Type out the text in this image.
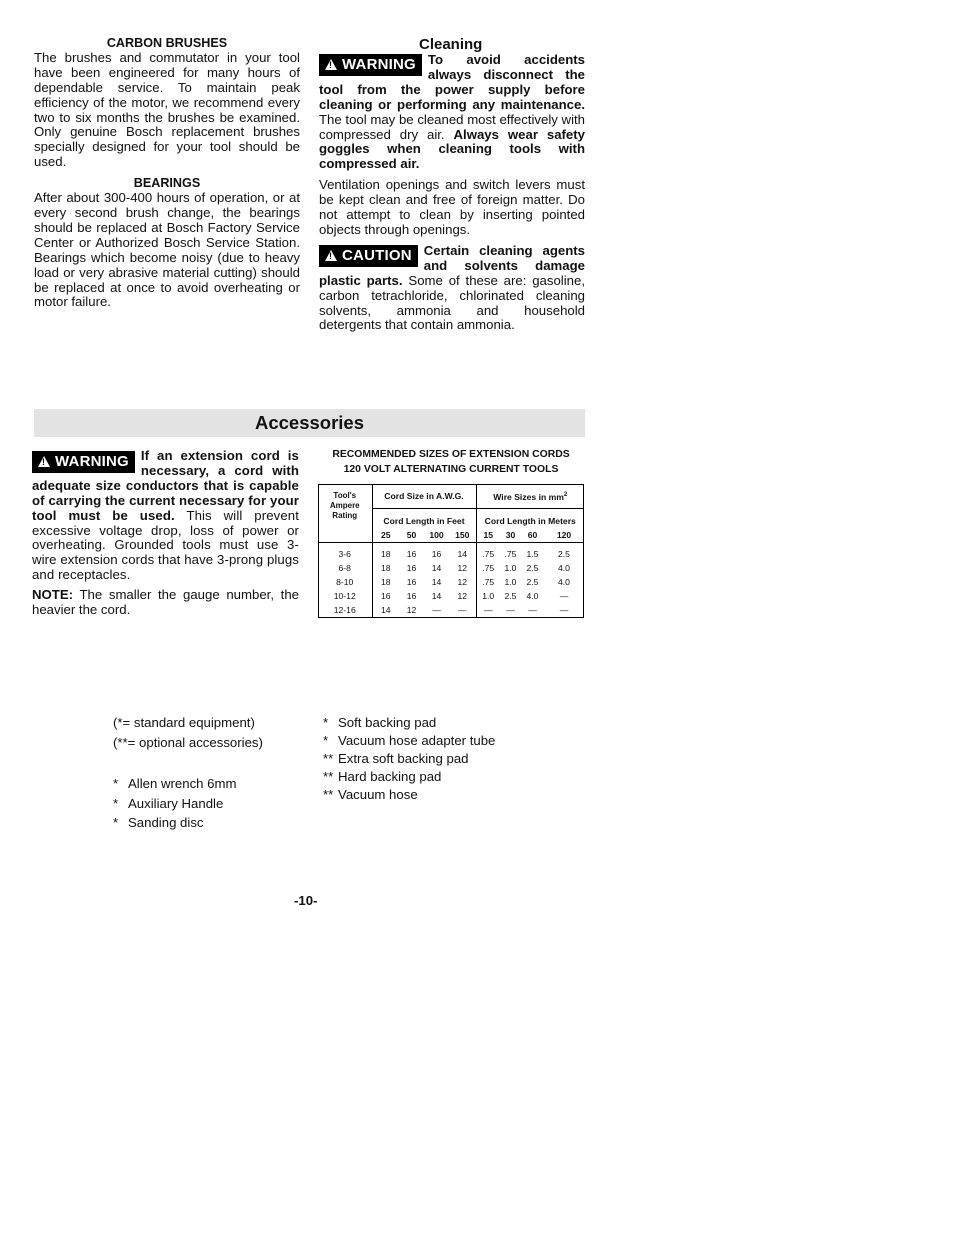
CARBON BRUSHES

The brushes and commutator in your tool have been engineered for many hours of dependable service. To maintain peak efficiency of the motor, we recommend every two to six months the brushes be examined. Only genuine Bosch replacement brushes specially designed for your tool should be used.

BEARINGS

After about 300-400 hours of operation, or at every second brush change, the bearings should be replaced at Bosch Factory Service Center or Authorized Bosch Service Station. Bearings which become noisy (due to heavy load or very abrasive material cutting) should be replaced at once to avoid overheating or motor failure.

Cleaning

!WARNING To avoid accidents always disconnect the tool from the power supply before cleaning or performing any maintenance. The tool may be cleaned most effectively with compressed dry air. Always wear safety goggles when cleaning tools with compressed air.

Ventilation openings and switch levers must be kept clean and free of foreign matter. Do not attempt to clean by inserting pointed objects through openings.

!CAUTION Certain cleaning agents and solvents damage plastic parts. Some of these are: gasoline, carbon tetrachloride, chlorinated cleaning solvents, ammonia and household detergents that contain ammonia.

Accessories

!WARNING If an extension cord is necessary, a cord with adequate size conductors that is capable of carrying the current necessary for your tool must be used. This will prevent excessive voltage drop, loss of power or overheating. Grounded tools must use 3-wire extension cords that have 3-prong plugs and receptacles.

NOTE: The smaller the gauge number, the heavier the cord.

RECOMMENDED SIZES OF EXTENSION CORDS
120 VOLT ALTERNATING CURRENT TOOLS
Tool's Ampere Rating	Cord Size in A.W.G.				Wire Sizes in $mm^2$
	Cord Length in Feet				Cord Length in Meters			
	25	50	100	150	15	30	60	120
3-6	18	16	16	14	.75	.75	1.5	2.5
6-8	18	16	14	12	.75	1.0	2.5	4.0
8-10	18	16	14	12	.75	1.0	2.5	4.0
10-12	16	16	14	12	1.0	2.5	4.0	—
12-16	14	12	—	—	—	—	—	—
(*= standard equipment)
(**= optional accessories)
* Allen wrench 6mm
* Auxiliary Handle
* Sanding disc
* Soft backing pad
* Vacuum hose adapter tube
** Extra soft backing pad
** Hard backing pad
** Vacuum hose
-10-
